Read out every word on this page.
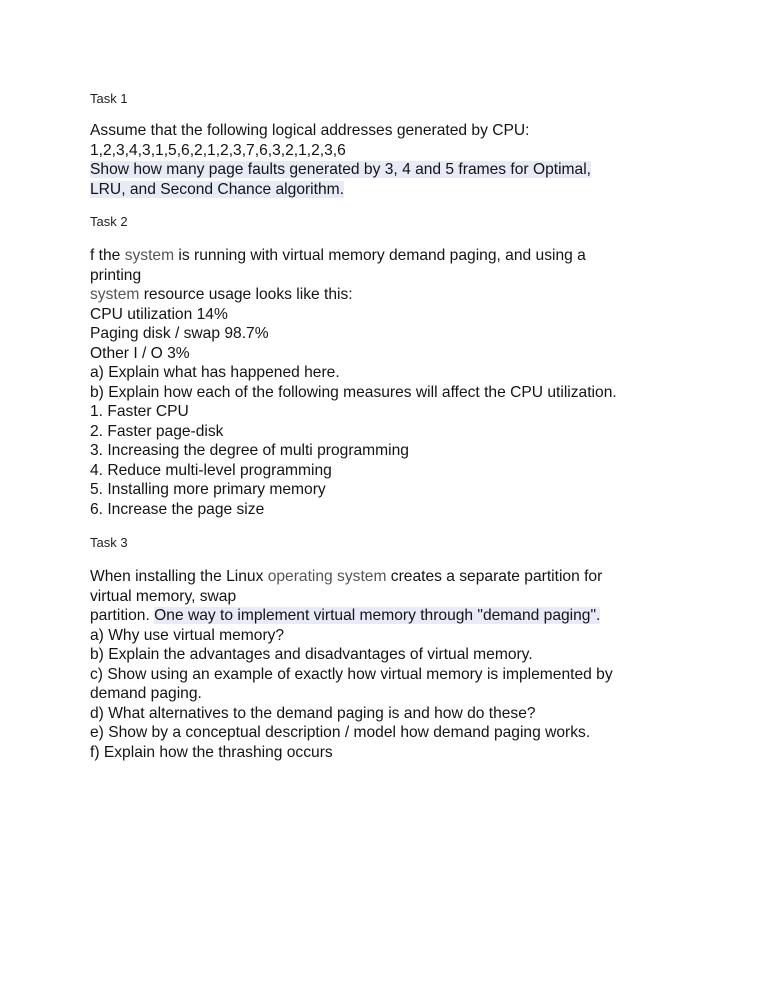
Task 1
Assume that the following logical addresses generated by CPU:
1,2,3,4,3,1,5,6,2,1,2,3,7,6,3,2,1,2,3,6
Show how many page faults generated by 3, 4 and 5 frames for Optimal,
LRU, and Second Chance algorithm.
Task 2
f the system is running with virtual memory demand paging, and using a
printing
system resource usage looks like this:
CPU utilization 14%
Paging disk / swap 98.7%
Other I / O 3%
a) Explain what has happened here.
b) Explain how each of the following measures will affect the CPU utilization.
1. Faster CPU
2. Faster page-disk
3. Increasing the degree of multi programming
4. Reduce multi-level programming
5. Installing more primary memory
6. Increase the page size
Task 3
When installing the Linux operating system creates a separate partition for
virtual memory, swap
partition. One way to implement virtual memory through "demand paging".
a) Why use virtual memory?
b) Explain the advantages and disadvantages of virtual memory.
c) Show using an example of exactly how virtual memory is implemented by
demand paging.
d) What alternatives to the demand paging is and how do these?
e) Show by a conceptual description / model how demand paging works.
f) Explain how the thrashing occurs
